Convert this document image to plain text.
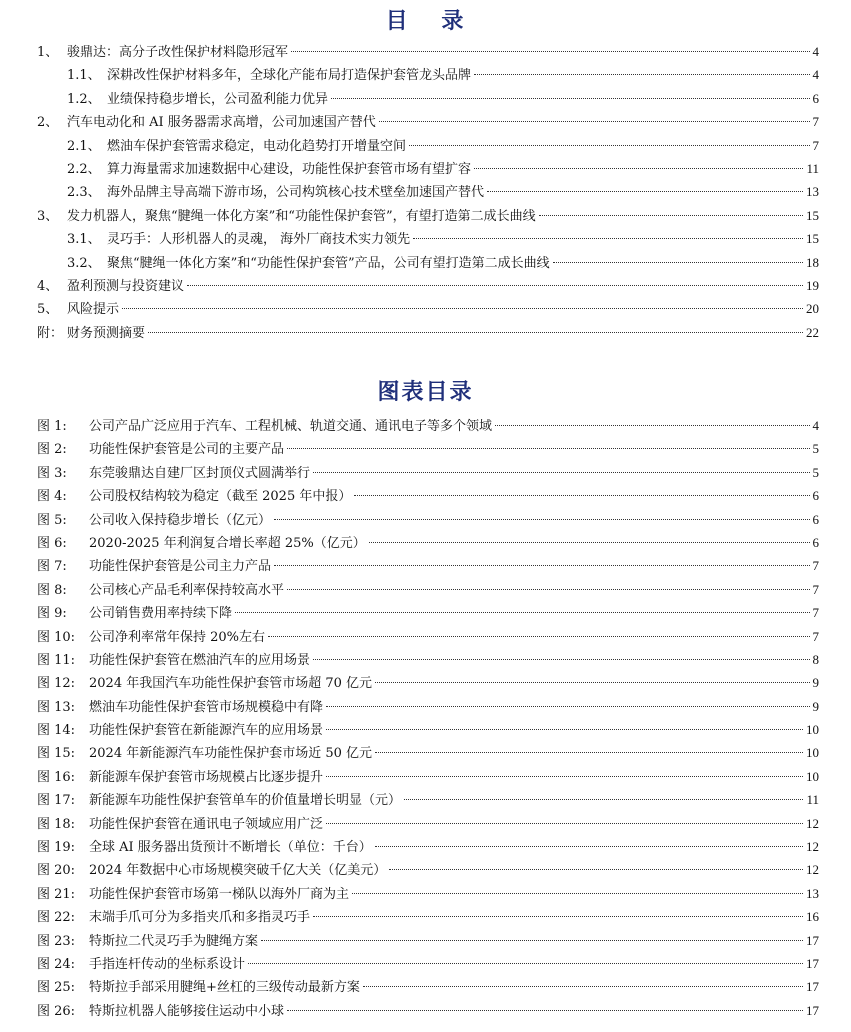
目 录
1、 骏鼎达：高分子改性保护材料隐形冠军	4
1.1、 深耕改性保护材料多年，全球化产能布局打造保护套管龙头品牌	4
1.2、 业绩保持稳步增长，公司盈利能力优异	6
2、 汽车电动化和 AI 服务器需求高增，公司加速国产替代	7
2.1、 燃油车保护套管需求稳定，电动化趋势打开增量空间	7
2.2、 算力海量需求加速数据中心建设，功能性保护套管市场有望扩容	11
2.3、 海外品牌主导高端下游市场，公司构筑核心技术壁垒加速国产替代	13
3、 发力机器人，聚焦“腱绳一体化方案”和“功能性保护套管”，有望打造第二成长曲线	15
3.1、 灵巧手：人形机器人的灵魂， 海外厂商技术实力领先	15
3.2、 聚焦“腱绳一体化方案”和“功能性保护套管”产品，公司有望打造第二成长曲线	18
4、 盈利预测与投资建议	19
5、 风险提示	20
附： 财务预测摘要	22
图表目录
图 1:	公司产品广泛应用于汽车、工程机械、轨道交通、通讯电子等多个领域	4
图 2:	功能性保护套管是公司的主要产品	5
图 3:	东莞骏鼎达自建厂区封顶仪式圆满举行	5
图 4:	公司股权结构较为稳定（截至 2025 年中报）	6
图 5:	公司收入保持稳步增长（亿元）	6
图 6:	2020-2025 年利润复合增长率超 25%（亿元）	6
图 7:	功能性保护套管是公司主力产品	7
图 8:	公司核心产品毛利率保持较高水平	7
图 9:	公司销售费用率持续下降	7
图 10:	公司净利率常年保持 20%左右	7
图 11:	功能性保护套管在燃油汽车的应用场景	8
图 12:	2024 年我国汽车功能性保护套管市场超 70 亿元	9
图 13:	燃油车功能性保护套管市场规模稳中有降	9
图 14:	功能性保护套管在新能源汽车的应用场景	10
图 15:	2024 年新能源汽车功能性保护套市场近 50 亿元	10
图 16:	新能源车保护套管市场规模占比逐步提升	10
图 17:	新能源车功能性保护套管单车的价值量增长明显（元）	11
图 18:	功能性保护套管在通讯电子领域应用广泛	12
图 19:	全球 AI 服务器出货预计不断增长（单位：千台）	12
图 20:	2024 年数据中心市场规模突破千亿大关（亿美元）	12
图 21:	功能性保护套管市场第一梯队以海外厂商为主	13
图 22:	末端手爪可分为多指夹爪和多指灵巧手	16
图 23:	特斯拉二代灵巧手为腱绳方案	17
图 24:	手指连杆传动的坐标系设计	17
图 25:	特斯拉手部采用腱绳+丝杠的三级传动最新方案	17
图 26:	特斯拉机器人能够接住运动中小球	17
